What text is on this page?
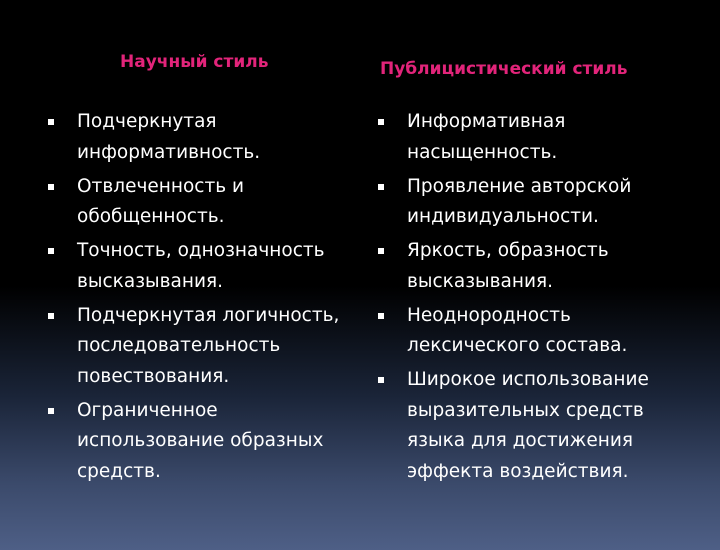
Научный стиль	Публицистический стиль
Подчеркнутая информативность.
Отвлеченность и обобщенность.
Точность, однозначность высказывания.
Подчеркнутая логичность, последовательность повествования.
Ограниченное использование образных средств.
Информативная насыщенность.
Проявление авторской индивидуальности.
Яркость, образность высказывания.
Неоднородность лексического состава.
Широкое использование выразительных средств языка для достижения эффекта воздействия.
